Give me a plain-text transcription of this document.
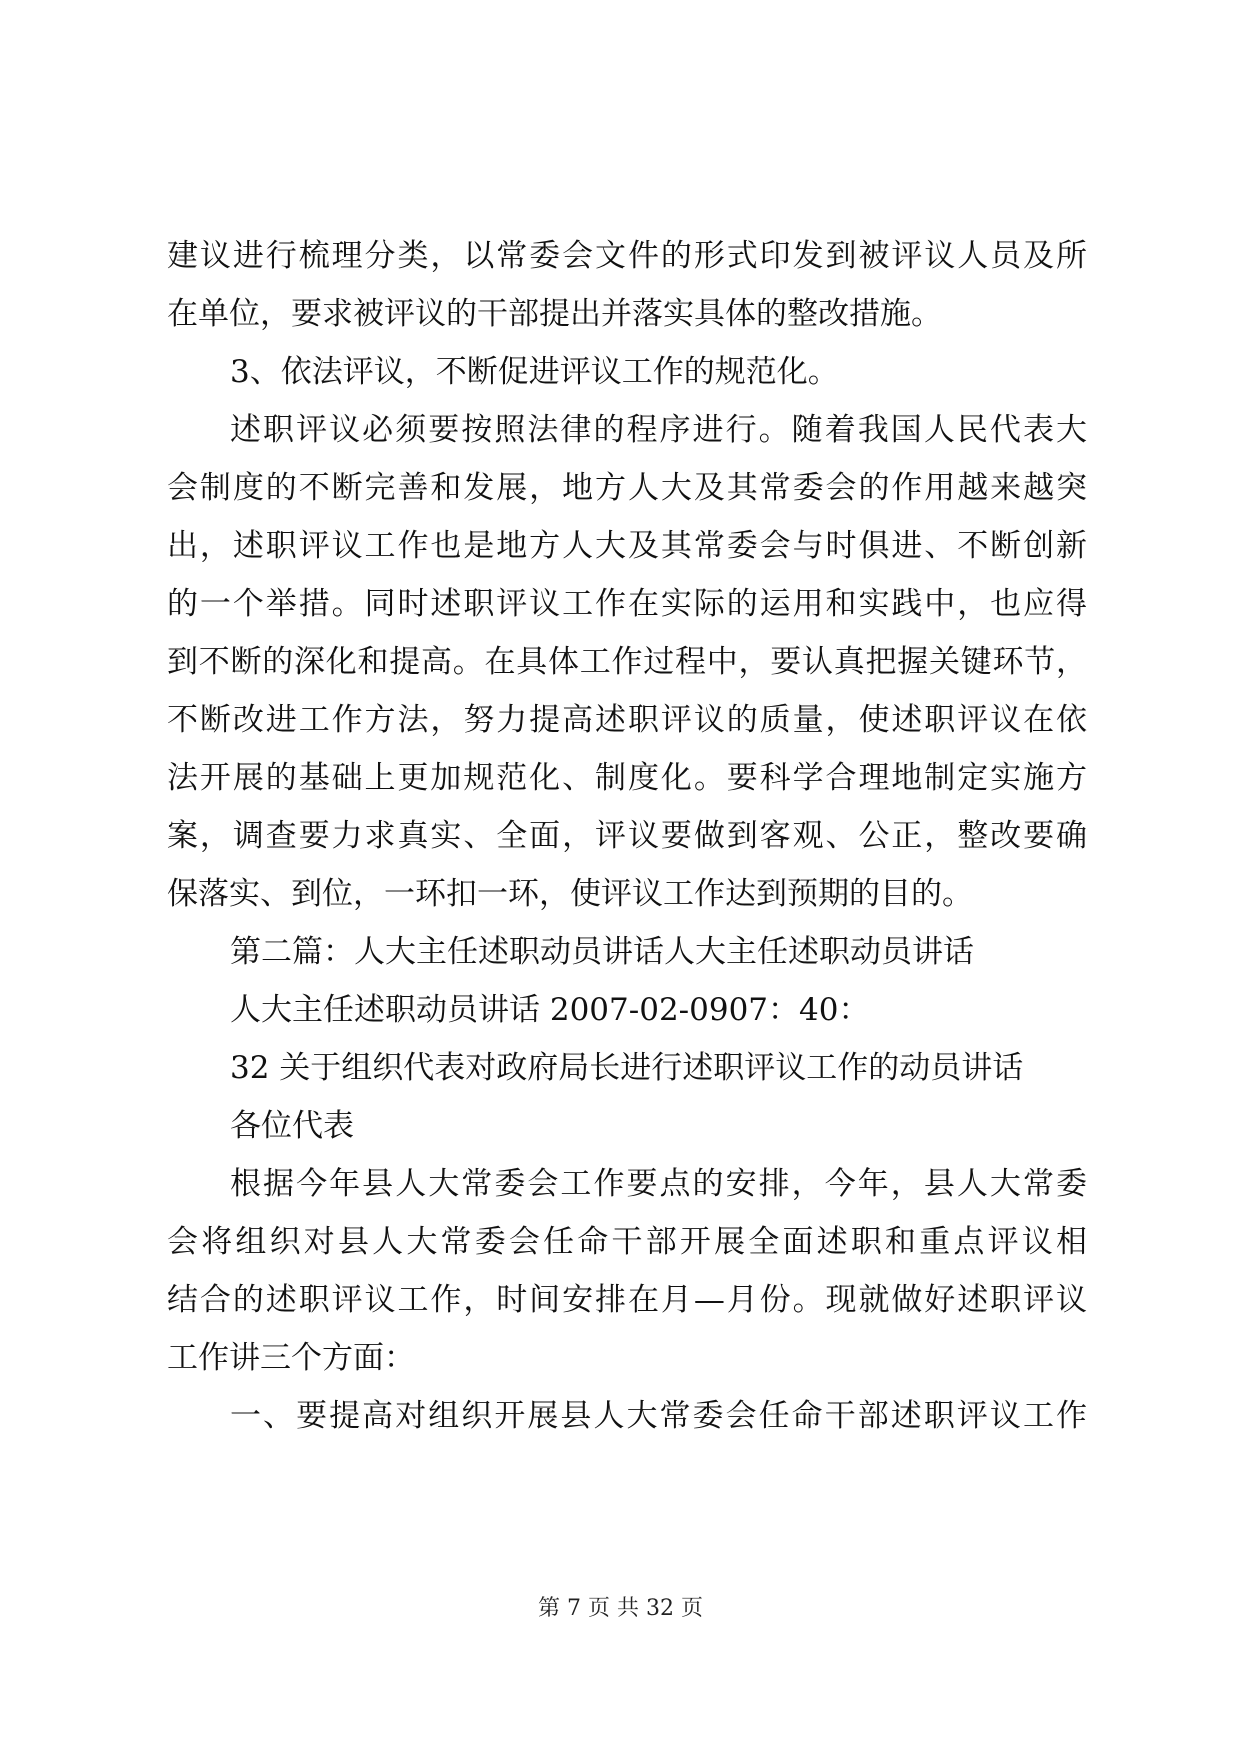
建议进行梳理分类，以常委会文件的形式印发到被评议人员及所
在单位，要求被评议的干部提出并落实具体的整改措施。
3、依法评议，不断促进评议工作的规范化。
述职评议必须要按照法律的程序进行。随着我国人民代表大
会制度的不断完善和发展，地方人大及其常委会的作用越来越突
出，述职评议工作也是地方人大及其常委会与时俱进、不断创新
的一个举措。同时述职评议工作在实际的运用和实践中，也应得
到不断的深化和提高。在具体工作过程中，要认真把握关键环节，
不断改进工作方法，努力提高述职评议的质量，使述职评议在依
法开展的基础上更加规范化、制度化。要科学合理地制定实施方
案，调查要力求真实、全面，评议要做到客观、公正，整改要确
保落实、到位，一环扣一环，使评议工作达到预期的目的。
第二篇：人大主任述职动员讲话人大主任述职动员讲话
人大主任述职动员讲话 2007-02-0907：40：
32 关于组织代表对政府局长进行述职评议工作的动员讲话
各位代表
根据今年县人大常委会工作要点的安排，今年，县人大常委
会将组织对县人大常委会任命干部开展全面述职和重点评议相
结合的述职评议工作，时间安排在月—月份。现就做好述职评议
工作讲三个方面：
一、要提高对组织开展县人大常委会任命干部述职评议工作
第 7 页 共 32 页
